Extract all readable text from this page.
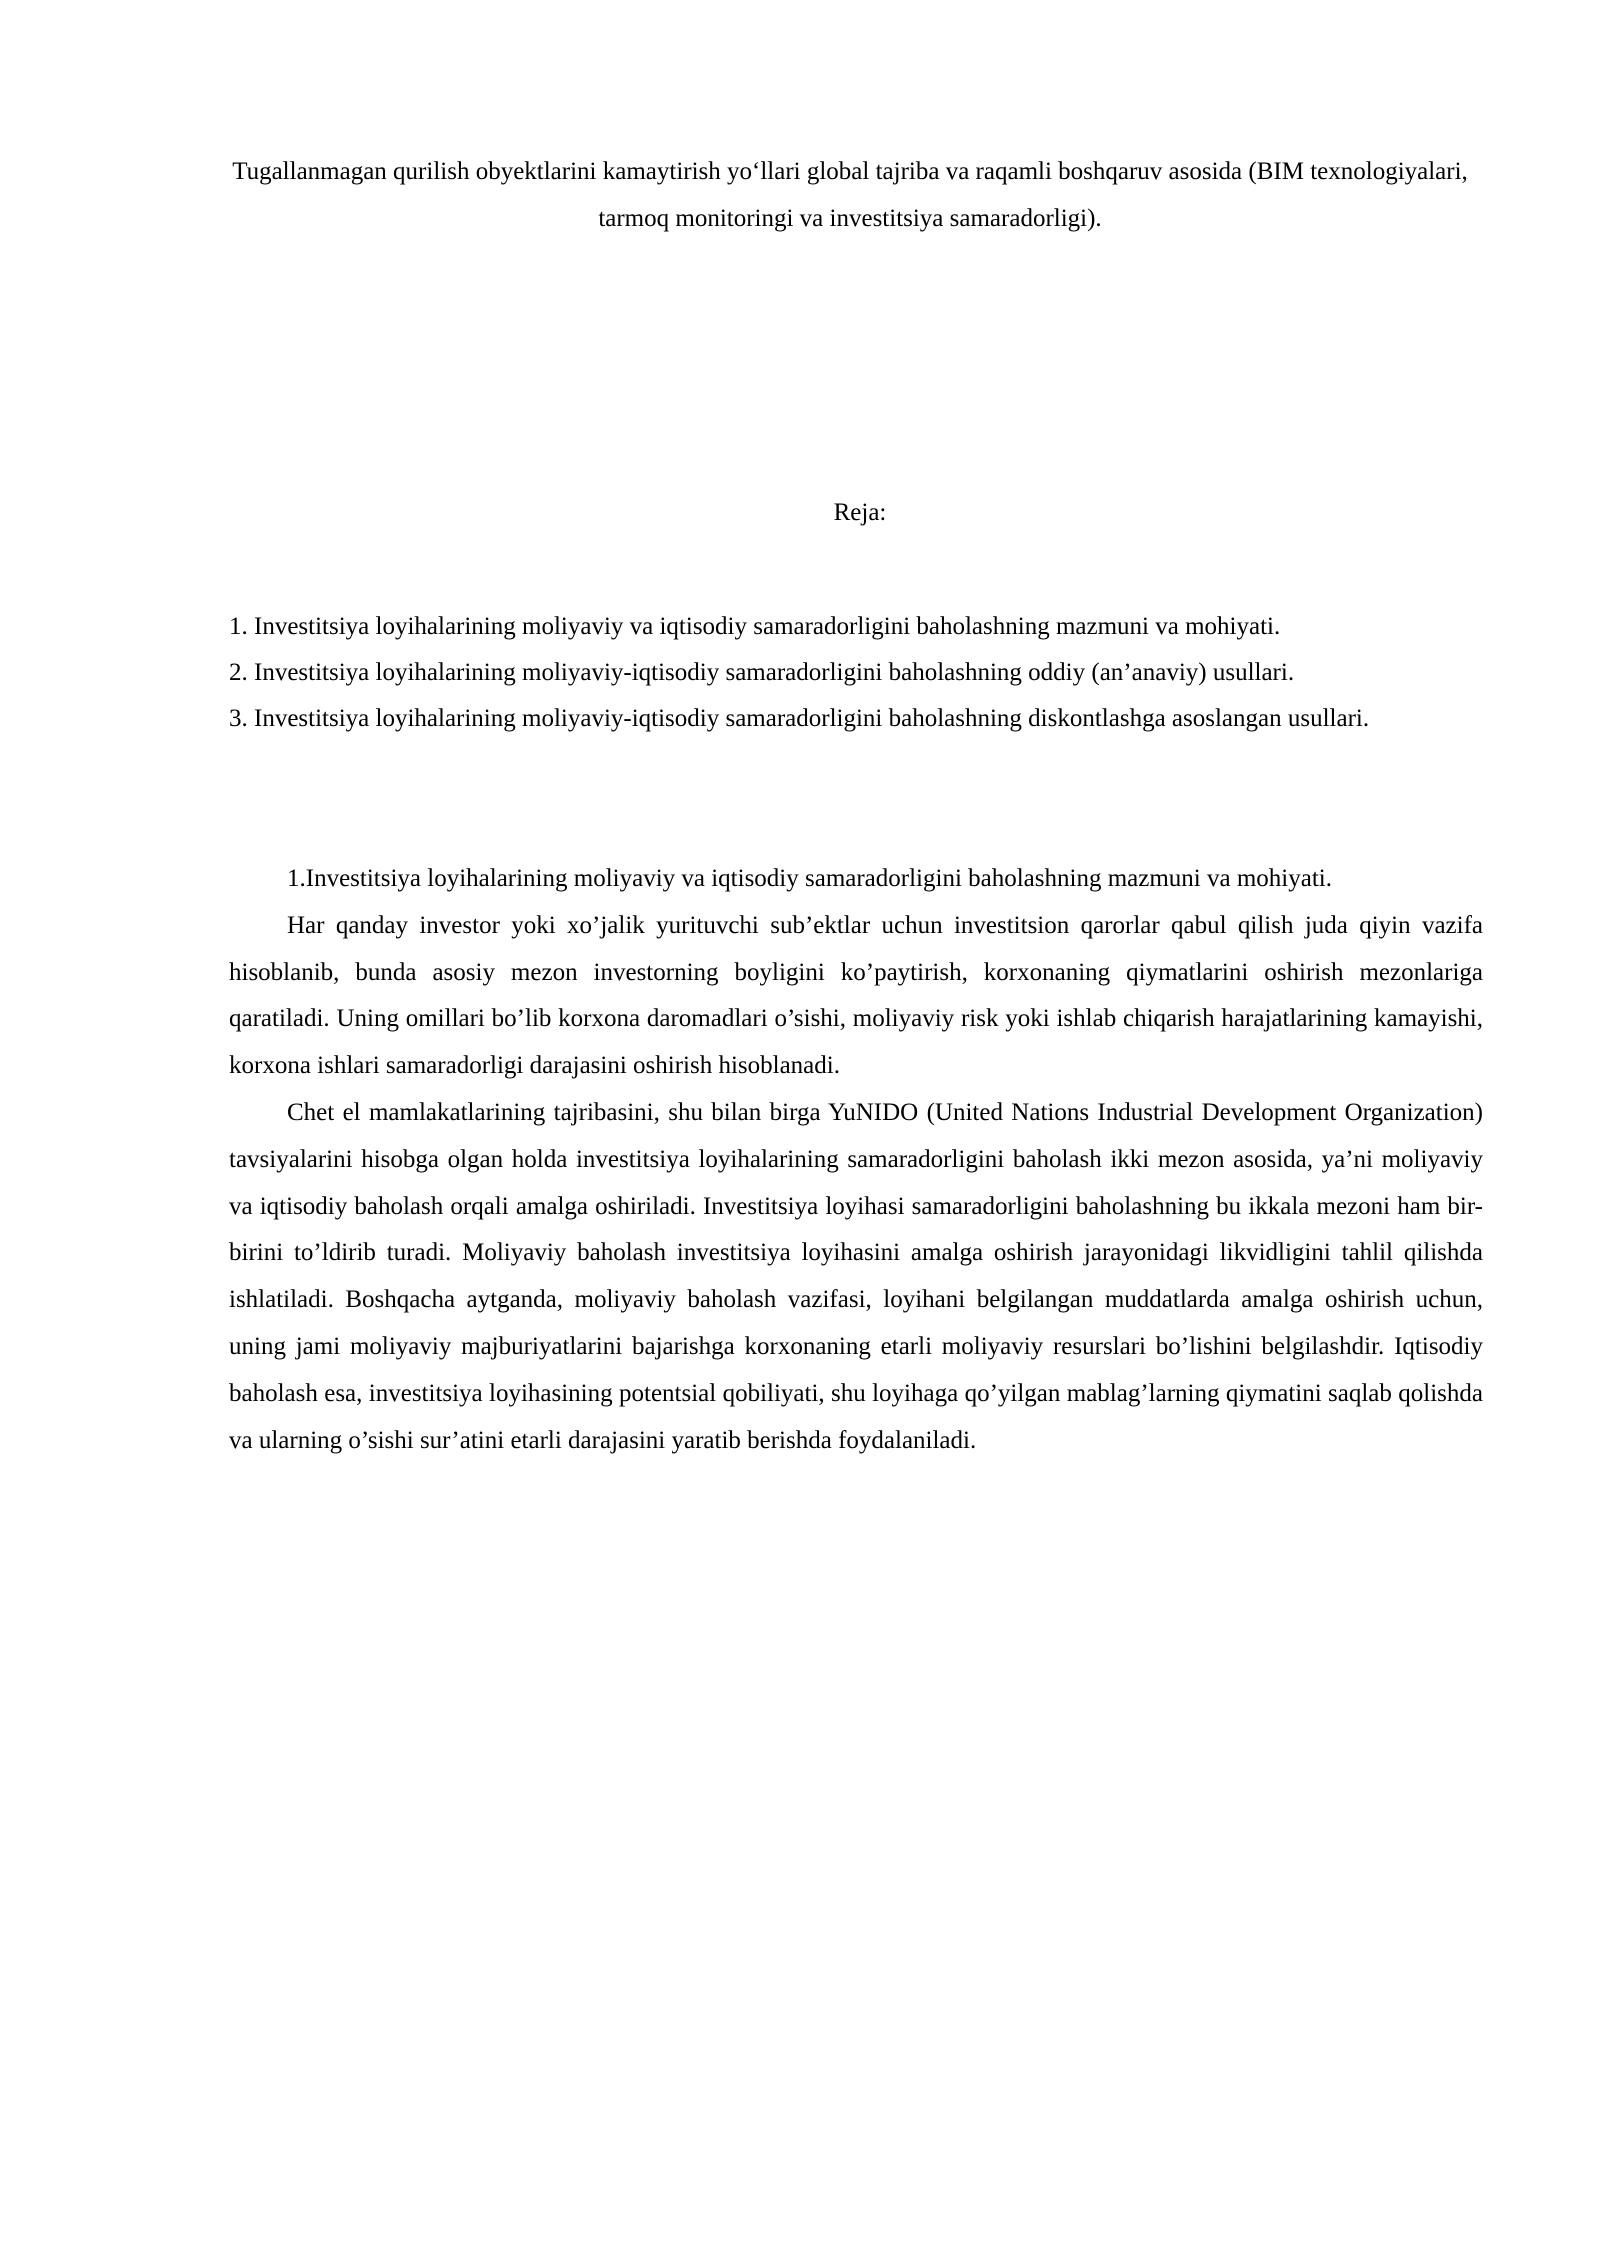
Tugallanmagan qurilish obyektlarini kamaytirish yo‘llari global tajriba va raqamli boshqaruv asosida (BIM texnologiyalari, tarmoq monitoringi va investitsiya samaradorligi).
Reja:
1. Investitsiya loyihalarining moliyaviy va iqtisodiy samaradorligini baholashning mazmuni va mohiyati.
2. Investitsiya loyihalarining moliyaviy-iqtisodiy samaradorligini baholashning oddiy (an’anaviy) usullari.
3. Investitsiya loyihalarining moliyaviy-iqtisodiy samaradorligini baholashning diskontlashga asoslangan usullari.

1.Investitsiya loyihalarining moliyaviy va iqtisodiy samaradorligini baholashning mazmuni va mohiyati.

Har qanday investor yoki xo’jalik yurituvchi sub’ektlar uchun investitsion qarorlar qabul qilish juda qiyin vazifa hisoblanib, bunda asosiy mezon investorning boyligini ko’paytirish, korxonaning qiymatlarini oshirish mezonlariga qaratiladi. Uning omillari bo’lib korxona daromadlari o’sishi, moliyaviy risk yoki ishlab chiqarish harajatlarining kamayishi, korxona ishlari samaradorligi darajasini oshirish hisoblanadi.

Chet el mamlakatlarining tajribasini, shu bilan birga YuNIDO (United Nations Industrial Development Organization) tavsiyalarini hisobga olgan holda investitsiya loyihalarining samaradorligini baholash ikki mezon asosida, ya’ni moliyaviy va iqtisodiy baholash orqali amalga oshiriladi. Investitsiya loyihasi samaradorligini baholashning bu ikkala mezoni ham bir-birini to’ldirib turadi. Moliyaviy baholash investitsiya loyihasini amalga oshirish jarayonidagi likvidligini tahlil qilishda ishlatiladi. Boshqacha aytganda, moliyaviy baholash vazifasi, loyihani belgilangan muddatlarda amalga oshirish uchun, uning jami moliyaviy majburiyatlarini bajarishga korxonaning etarli moliyaviy resurslari bo’lishini belgilashdir. Iqtisodiy baholash esa, investitsiya loyihasining potentsial qobiliyati, shu loyihaga qo’yilgan mablag’larning qiymatini saqlab qolishda va ularning o’sishi sur’atini etarli darajasini yaratib berishda foydalaniladi.
